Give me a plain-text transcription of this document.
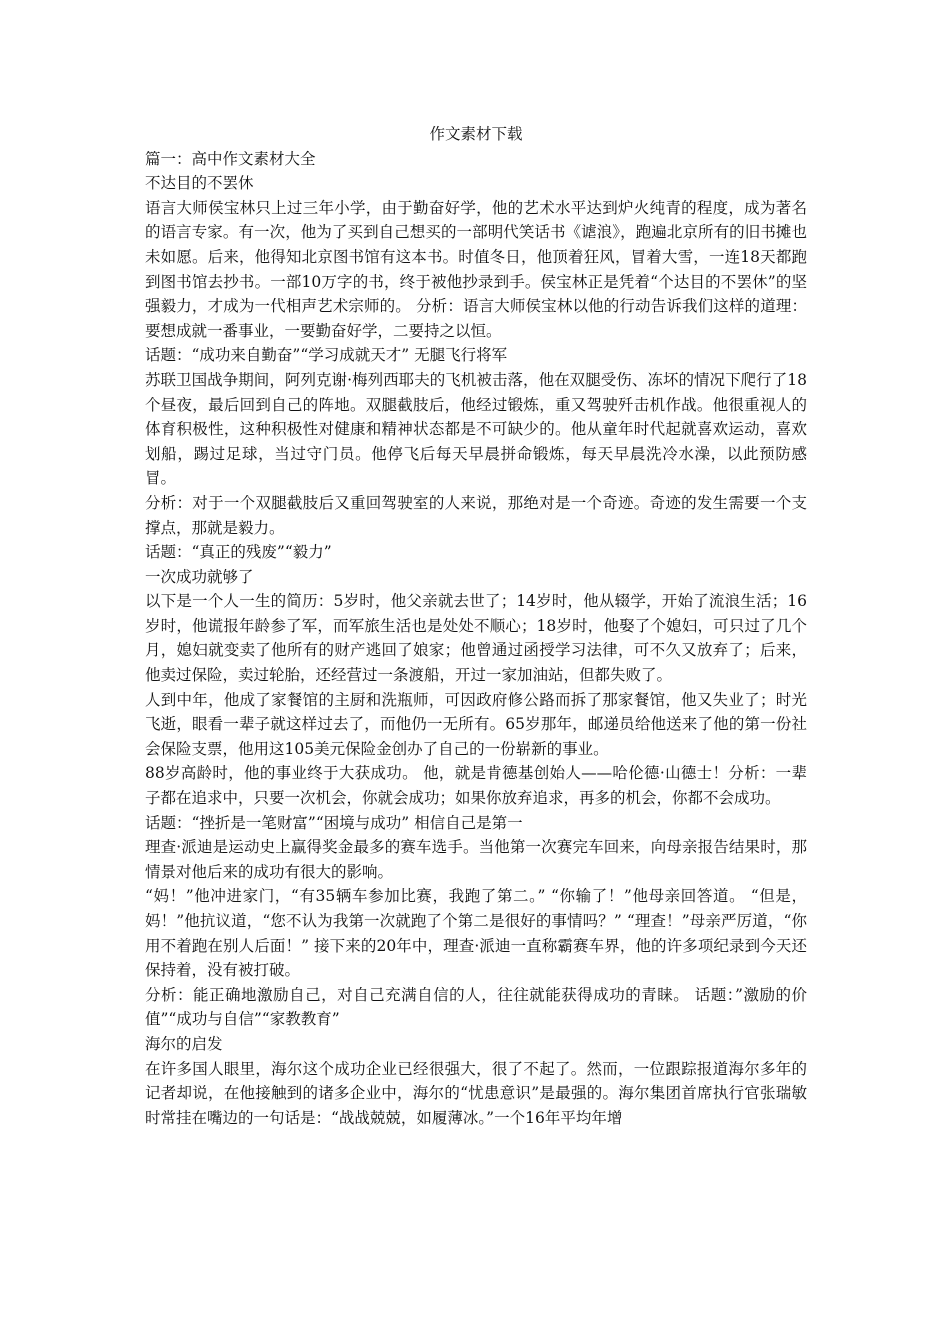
作文素材下载

篇一：高中作文素材大全

不达目的不罢休

语言大师侯宝林只上过三年小学，由于勤奋好学，他的艺术水平达到炉火纯青的程度，成为著名的语言专家。有一次，他为了买到自己想买的一部明代笑话书《谑浪》，跑遍北京所有的旧书摊也未如愿。后来，他得知北京图书馆有这本书。时值冬日，他顶着狂风，冒着大雪，一连18天都跑到图书馆去抄书。一部10万字的书，终于被他抄录到手。侯宝林正是凭着“个达目的不罢休”的坚强毅力，才成为一代相声艺术宗师的。 分析：语言大师侯宝林以他的行动告诉我们这样的道理：要想成就一番事业，一要勤奋好学，二要持之以恒。

话题：“成功来自勤奋”“学习成就天才” 无腿飞行将军

苏联卫国战争期间，阿列克谢·梅列西耶夫的飞机被击落，他在双腿受伤、冻坏的情况下爬行了18个昼夜，最后回到自己的阵地。双腿截肢后，他经过锻炼，重又驾驶歼击机作战。他很重视人的体育积极性，这种积极性对健康和精神状态都是不可缺少的。他从童年时代起就喜欢运动，喜欢划船，踢过足球，当过守门员。他停飞后每天早晨拼命锻炼，每天早晨洗冷水澡，以此预防感冒。

分析：对于一个双腿截肢后又重回驾驶室的人来说，那绝对是一个奇迹。奇迹的发生需要一个支撑点，那就是毅力。

话题：“真正的残废”“毅力”

一次成功就够了

以下是一个人一生的简历：5岁时，他父亲就去世了；14岁时，他从辍学，开始了流浪生活；16岁时，他谎报年龄参了军，而军旅生活也是处处不顺心；18岁时，他娶了个媳妇，可只过了几个月，媳妇就变卖了他所有的财产逃回了娘家；他曾通过函授学习法律，可不久又放弃了；后来，他卖过保险，卖过轮胎，还经营过一条渡船，开过一家加油站，但都失败了。

人到中年，他成了家餐馆的主厨和洗瓶师，可因政府修公路而拆了那家餐馆，他又失业了；时光飞逝，眼看一辈子就这样过去了，而他仍一无所有。65岁那年，邮递员给他送来了他的第一份社会保险支票，他用这105美元保险金创办了自己的一份崭新的事业。

88岁高龄时，他的事业终于大获成功。 他，就是肯德基创始人——哈伦德·山德士！分析：一辈子都在追求中，只要一次机会，你就会成功；如果你放弃追求，再多的机会，你都不会成功。

话题：“挫折是一笔财富”“困境与成功” 相信自己是第一

理查·派迪是运动史上赢得奖金最多的赛车选手。当他第一次赛完车回来，向母亲报告结果时，那情景对他后来的成功有很大的影响。

“妈！”他冲进家门，“有35辆车参加比赛，我跑了第二。” “你输了！”他母亲回答道。 “但是，妈！”他抗议道，“您不认为我第一次就跑了个第二是很好的事情吗？” “理查！”母亲严厉道，“你用不着跑在别人后面！” 接下来的20年中，理查·派迪一直称霸赛车界，他的许多项纪录到今天还保持着，没有被打破。

分析：能正确地激励自己，对自己充满自信的人，往往就能获得成功的青睐。 话题：”激励的价值”“成功与自信”“家教教育”

海尔的启发

在许多国人眼里，海尔这个成功企业已经很强大，很了不起了。然而，一位跟踪报道海尔多年的记者却说，在他接触到的诸多企业中，海尔的“忧患意识”是最强的。海尔集团首席执行官张瑞敏时常挂在嘴边的一句话是：“战战兢兢，如履薄冰。”一个16年平均年增
